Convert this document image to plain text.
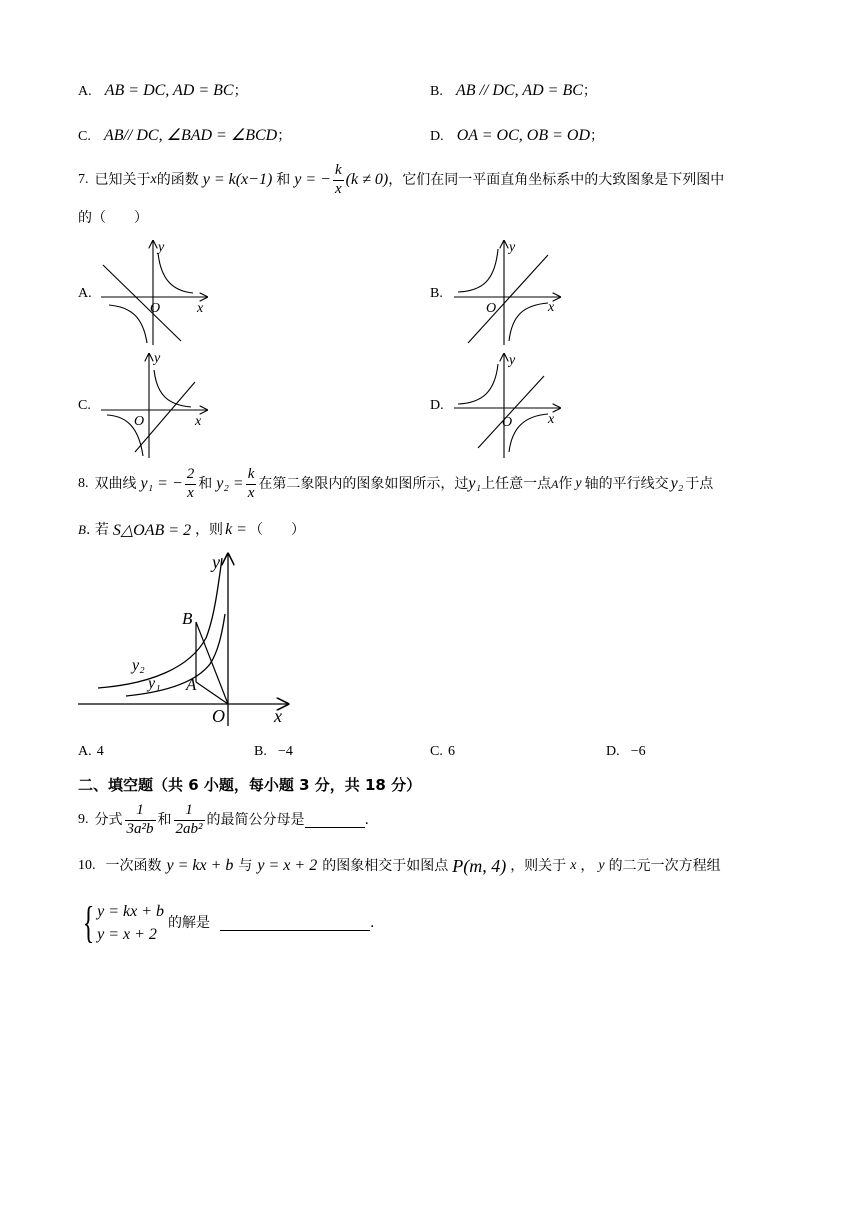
A. AB = DC, AD = BC；	B. AB // DC, AD = BC；
C. AB// DC, ∠BAD = ∠BCD；	D. OA = OC, OB = OD；
7. 已知关于 x 的函数 y = k(x−1) 和 y = − $\frac{k}{x} (k \ne 0)$ ，它们在同一平面直角坐标系中的大致图象是下列图中
的（　　）
A.
y
O	x
B.
y
O	x
C.
y
O	x
D.
y
O	x
8. 双曲线 y₁ = − $\frac{2}{x}$ 和 $y_2 = \frac{k}{x}$ 在第二象限内的图象如图所示，过 y₁ 上任意一点 A 作 y 轴的平行线交 y₂ 于点
B . 若 S△OAB = 2 ，则 k = （　　）
B
A
y₂
y₁
y
O	x
A. 4	B. −4	C. 6	D. −6
二、填空题（共 6 小题，每小题 3 分，共 18 分）
9. 分式 $\frac{1}{\text{3a²b}}$ 和 $\frac{1}{\text{2ab²}}$ 的最简公分母是	.
10. 一次函数 y = kx + b 与 y = x + 2 的图象相交于如图点 P(m, 4) ，则关于 x ， y 的二元一次方程组
{ y = kx + b
y = x + 2
的解是	.
